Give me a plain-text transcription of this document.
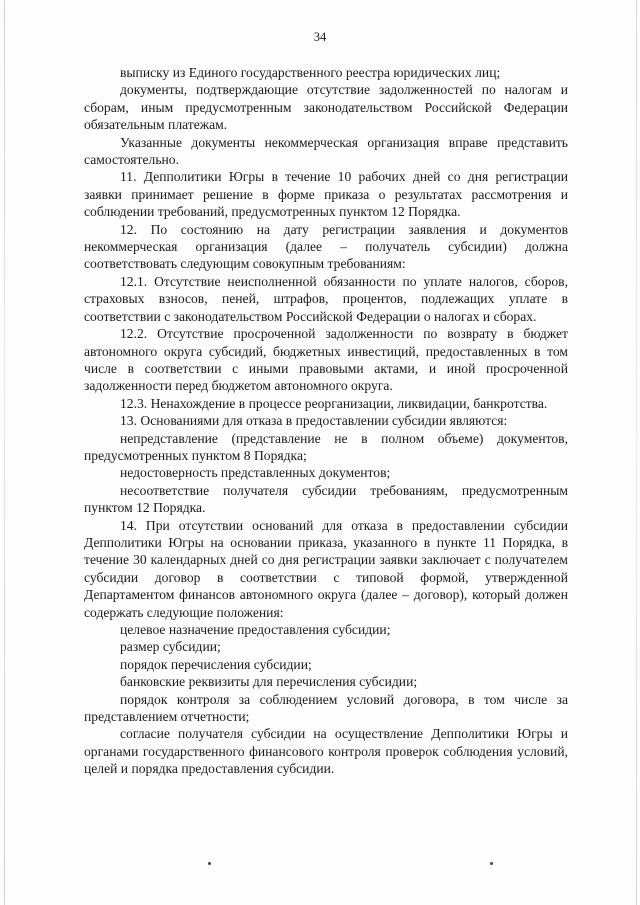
34

выписку из Единого государственного реестра юридических лиц;

документы, подтверждающие отсутствие задолженностей по налогам и сборам, иным предусмотренным законодательством Российской Федерации обязательным платежам.

Указанные документы некоммерческая организация вправе представить самостоятельно.

11. Депполитики Югры в течение 10 рабочих дней со дня регистрации заявки принимает решение в форме приказа о результатах рассмотрения и соблюдении требований, предусмотренных пунктом 12 Порядка.

12. По состоянию на дату регистрации заявления и документов некоммерческая организация (далее – получатель субсидии) должна соответствовать следующим совокупным требованиям:

12.1. Отсутствие неисполненной обязанности по уплате налогов, сборов, страховых взносов, пеней, штрафов, процентов, подлежащих уплате в соответствии с законодательством Российской Федерации о налогах и сборах.

12.2. Отсутствие просроченной задолженности по возврату в бюджет автономного округа субсидий, бюджетных инвестиций, предоставленных в том числе в соответствии с иными правовыми актами, и иной просроченной задолженности перед бюджетом автономного округа.

12.3. Ненахождение в процессе реорганизации, ликвидации, банкротства.

13. Основаниями для отказа в предоставлении субсидии являются:

непредставление (представление не в полном объеме) документов, предусмотренных пунктом 8 Порядка;

недостоверность представленных документов;

несоответствие получателя субсидии требованиям, предусмотренным пунктом 12 Порядка.

14. При отсутствии оснований для отказа в предоставлении субсидии Депполитики Югры на основании приказа, указанного в пункте 11 Порядка, в течение 30 календарных дней со дня регистрации заявки заключает с получателем субсидии договор в соответствии с типовой формой, утвержденной Департаментом финансов автономного округа (далее – договор), который должен содержать следующие положения:

целевое назначение предоставления субсидии;

размер субсидии;

порядок перечисления субсидии;

банковские реквизиты для перечисления субсидии;

порядок контроля за соблюдением условий договора, в том числе за представлением отчетности;

согласие получателя субсидии на осуществление Депполитики Югры и органами государственного финансового контроля проверок соблюдения условий, целей и порядка предоставления субсидии.
